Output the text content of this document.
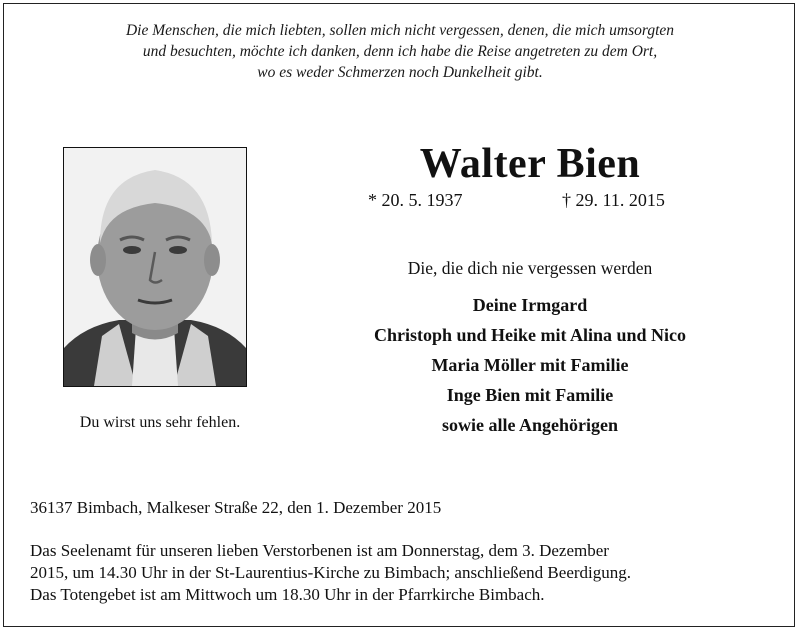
Die Menschen, die mich liebten, sollen mich nicht vergessen, denen, die mich umsorgten
und besuchten, möchte ich danken, denn ich habe die Reise angetreten zu dem Ort,
wo es weder Schmerzen noch Dunkelheit gibt.
Du wirst uns sehr fehlen.
Walter Bien
* 20. 5. 1937	† 29. 11. 2015
Die, die dich nie vergessen werden
Deine Irmgard
Christoph und Heike mit Alina und Nico
Maria Möller mit Familie
Inge Bien mit Familie
sowie alle Angehörigen
36137 Bimbach, Malkeser Straße 22, den 1. Dezember 2015
Das Seelenamt für unseren lieben Verstorbenen ist am Donnerstag, dem 3. Dezember
2015, um 14.30 Uhr in der St-Laurentius-Kirche zu Bimbach; anschließend Beerdigung.
Das Totengebet ist am Mittwoch um 18.30 Uhr in der Pfarrkirche Bimbach.
